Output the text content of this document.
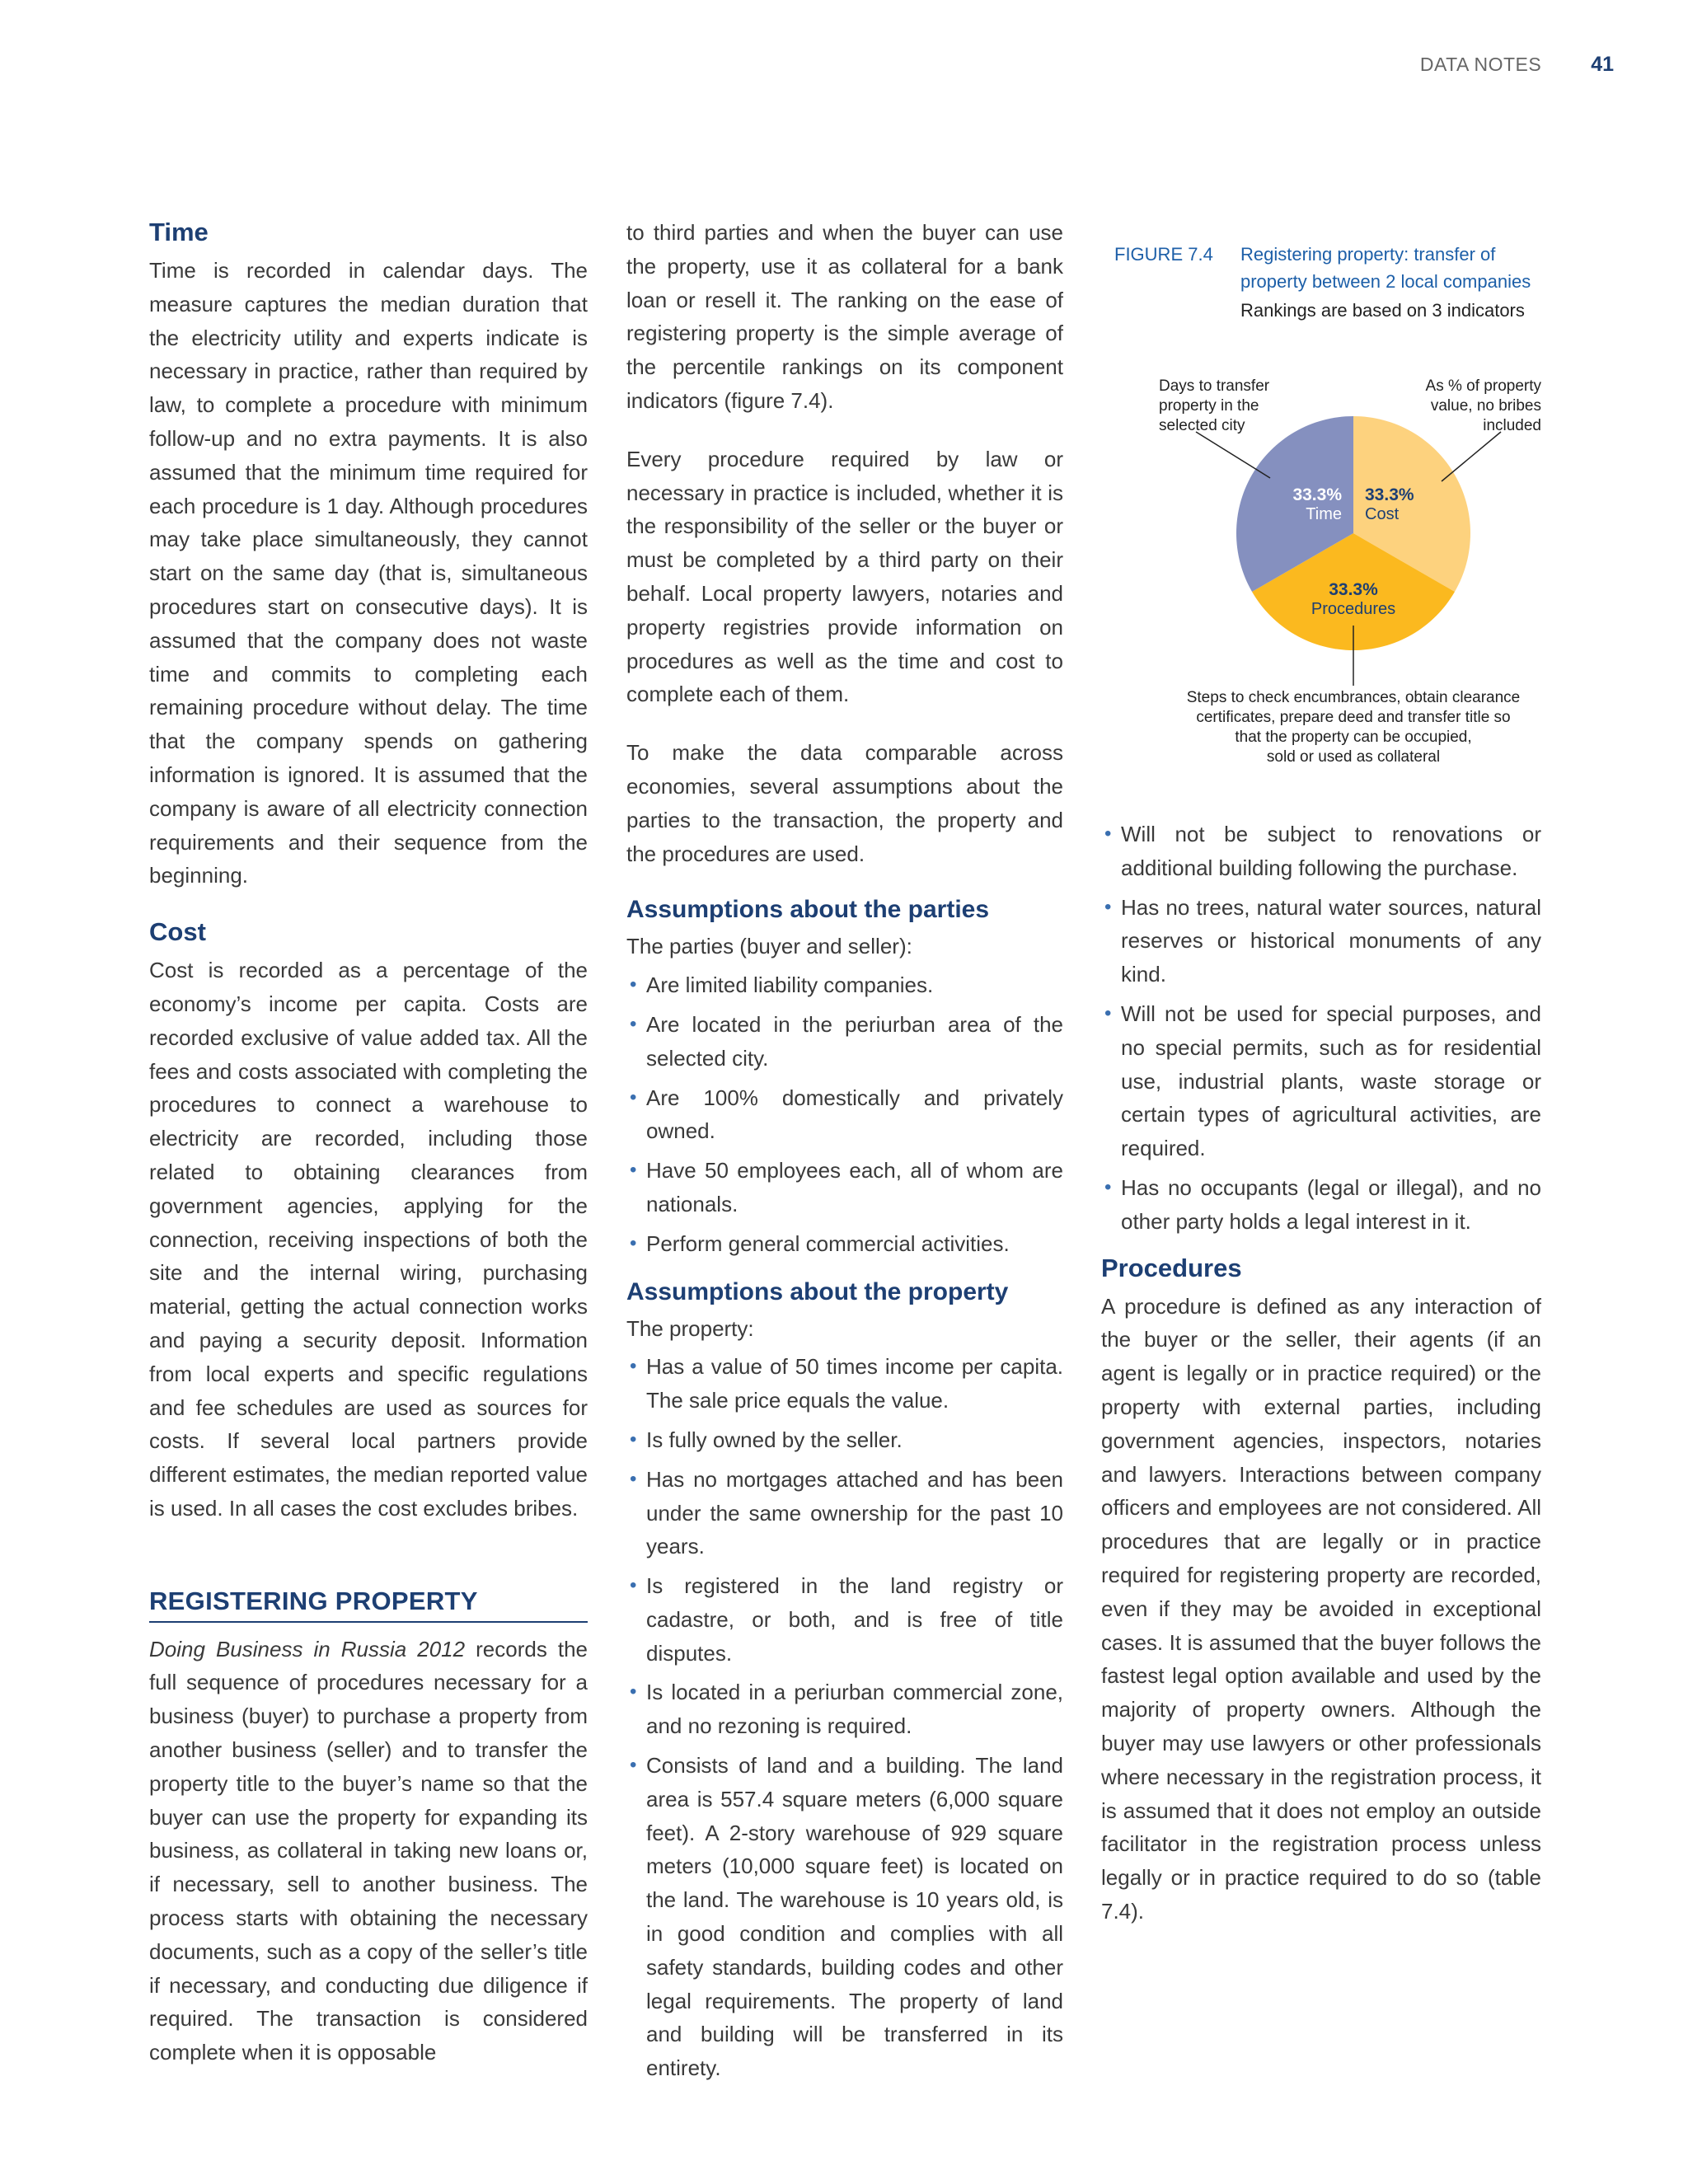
DATA NOTES 41
Time

Time is recorded in calendar days. The measure captures the median duration that the electricity utility and experts indicate is necessary in practice, rather than required by law, to complete a procedure with minimum follow-up and no extra payments. It is also assumed that the minimum time required for each procedure is 1 day. Although procedures may take place simultaneously, they cannot start on the same day (that is, simultaneous procedures start on consecutive days). It is assumed that the company does not waste time and commits to completing each remaining procedure without delay. The time that the company spends on gathering information is ignored. It is assumed that the company is aware of all electricity connection requirements and their sequence from the beginning.

Cost

Cost is recorded as a percentage of the economy’s income per capita. Costs are recorded exclusive of value added tax. All the fees and costs associated with completing the procedures to connect a warehouse to electricity are recorded, including those related to obtaining clearances from government agencies, applying for the connection, receiving inspections of both the site and the internal wiring, purchasing material, getting the actual connection works and paying a security deposit. Information from local experts and specific regulations and fee schedules are used as sources for costs. If several local partners provide different estimates, the median reported value is used. In all cases the cost excludes bribes.

REGISTERING PROPERTY

Doing Business in Russia 2012 records the full sequence of procedures necessary for a business (buyer) to purchase a property from another business (seller) and to transfer the property title to the buyer’s name so that the buyer can use the property for expanding its business, as collateral in taking new loans or, if necessary, sell to another business. The process starts with obtaining the necessary documents, such as a copy of the seller’s title if necessary, and conducting due diligence if required. The transaction is considered complete when it is opposable

to third parties and when the buyer can use the property, use it as collateral for a bank loan or resell it. The ranking on the ease of registering property is the simple average of the percentile rankings on its component indicators (figure 7.4).

Every procedure required by law or necessary in practice is included, whether it is the responsibility of the seller or the buyer or must be completed by a third party on their behalf. Local property lawyers, notaries and property registries provide information on procedures as well as the time and cost to complete each of them.

To make the data comparable across economies, several assumptions about the parties to the transaction, the property and the procedures are used.

Assumptions about the parties

The parties (buyer and seller):

• Are limited liability companies.
• Are located in the periurban area of the selected city.
• Are 100% domestically and privately owned.
• Have 50 employees each, all of whom are nationals.
• Perform general commercial activities.
Assumptions about the property

The property:

• Has a value of 50 times income per capita. The sale price equals the value.
• Is fully owned by the seller.
• Has no mortgages attached and has been under the same ownership for the past 10 years.
• Is registered in the land registry or cadastre, or both, and is free of title disputes.
• Is located in a periurban commercial zone, and no rezoning is required.
• Consists of land and a building. The land area is 557.4 square meters (6,000 square feet). A 2-story warehouse of 929 square meters (10,000 square feet) is located on the land. The warehouse is 10 years old, is in good condition and complies with all safety standards, building codes and other legal requirements. The property of land and building will be transferred in its entirety.
FIGURE 7.4	Registering property: transfer of property between 2 local companies
Rankings are based on 3 indicators
33.3%
Cost
33.3%
Procedures
33.3%
Time
As % of property
value, no bribes
included
Steps to check encumbrances, obtain clearance
certificates, prepare deed and transfer title so
that the property can be occupied,
sold or used as collateral
Days to transfer
property in the
selected city
• Will not be subject to renovations or additional building following the purchase.
• Has no trees, natural water sources, natural reserves or historical monuments of any kind.
• Will not be used for special purposes, and no special permits, such as for residential use, industrial plants, waste storage or certain types of agricultural activities, are required.
• Has no occupants (legal or illegal), and no other party holds a legal interest in it.
Procedures

A procedure is defined as any interaction of the buyer or the seller, their agents (if an agent is legally or in practice required) or the property with external parties, including government agencies, inspectors, notaries and lawyers. Interactions between company officers and employees are not considered. All procedures that are legally or in practice required for registering property are recorded, even if they may be avoided in exceptional cases. It is assumed that the buyer follows the fastest legal option available and used by the majority of property owners. Although the buyer may use lawyers or other professionals where necessary in the registration process, it is assumed that it does not employ an outside facilitator in the registration process unless legally or in practice required to do so (table 7.4).
